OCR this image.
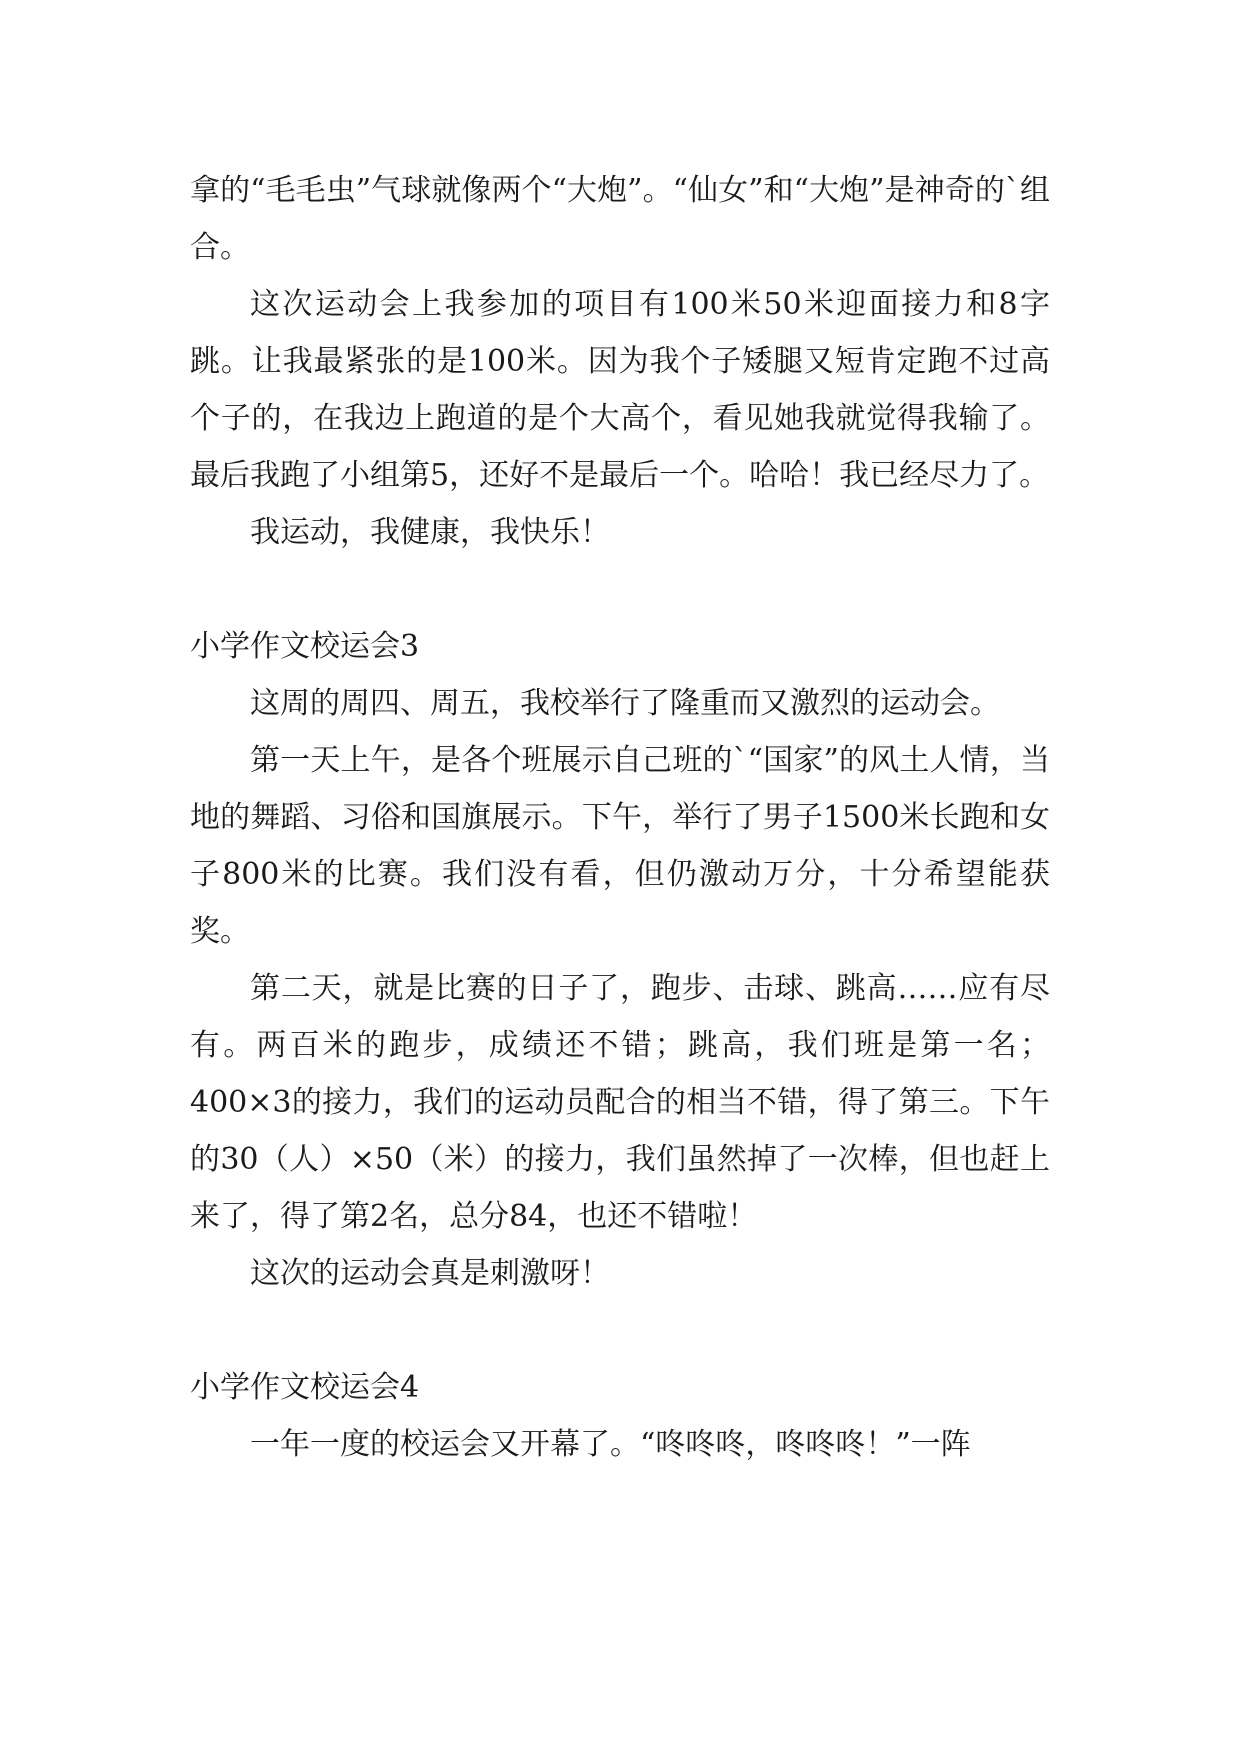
拿的“毛毛虫”气球就像两个“大炮”。“仙女”和“大炮”是神奇的`组合。

这次运动会上我参加的项目有100米50米迎面接力和8字跳。让我最紧张的是100米。因为我个子矮腿又短肯定跑不过高个子的，在我边上跑道的是个大高个，看见她我就觉得我输了。最后我跑了小组第5，还好不是最后一个。哈哈！我已经尽力了。

我运动，我健康，我快乐！

小学作文校运会3

这周的周四、周五，我校举行了隆重而又激烈的运动会。

第一天上午，是各个班展示自己班的`“国家”的风土人情，当地的舞蹈、习俗和国旗展示。下午，举行了男子1500米长跑和女子800米的比赛。我们没有看，但仍激动万分，十分希望能获奖。

第二天，就是比赛的日子了，跑步、击球、跳高……应有尽有。两百米的跑步，成绩还不错；跳高，我们班是第一名；400×3的接力，我们的运动员配合的相当不错，得了第三。下午的30（人）×50（米）的接力，我们虽然掉了一次棒，但也赶上来了，得了第2名，总分84，也还不错啦！

这次的运动会真是刺激呀！

小学作文校运会4

一年一度的校运会又开幕了。“咚咚咚，咚咚咚！”一阵
